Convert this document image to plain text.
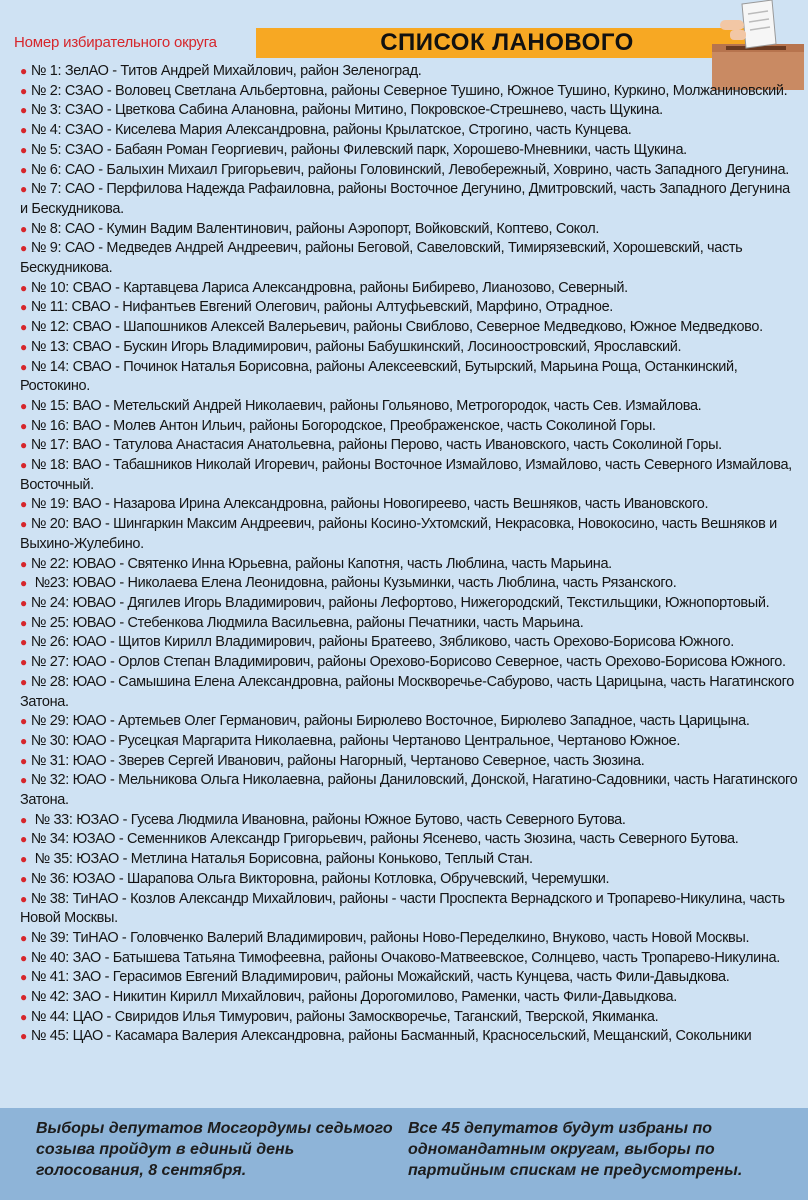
Номер избирательного округа	СПИСОК ЛАНОВОГО
● № 1: ЗелАО - Титов Андрей Михайлович, район Зеленоград.
● № 2: СЗАО - Воловец Светлана Альбертовна, районы Северное Тушино, Южное Тушино, Куркино, Молжаниновский.
● № 3: СЗАО - Цветкова Сабина Алановна, районы Митино, Покровское-Стрешнево, часть Щукина.
● № 4: СЗАО - Киселева Мария Александровна, районы Крылатское, Строгино, часть Кунцева.
● № 5: СЗАО - Бабаян Роман Георгиевич, районы Филевский парк, Хорошево-Мневники, часть Щукина.
● № 6: САО - Балыхин Михаил Григорьевич, районы Головинский, Левобережный, Ховрино, часть Западного Дегунина.
● № 7: САО - Перфилова Надежда Рафаиловна, районы Восточное Дегунино, Дмитровский, часть Западного Дегунина и Бескудникова.
● № 8: САО - Кумин Вадим Валентинович, районы Аэропорт, Войковский, Коптево, Сокол.
● № 9: САО - Медведев Андрей Андреевич, районы Беговой, Савеловский, Тимирязевский, Хорошевский, часть Бескудникова.
● № 10: СВАО - Картавцева Лариса Александровна, районы Бибирево, Лианозово, Северный.
● № 11: СВАО - Нифантьев Евгений Олегович, районы Алтуфьевский, Марфино, Отрадное.
● № 12: СВАО - Шапошников Алексей Валерьевич, районы Свиблово, Северное Медведково, Южное Медведково.
● № 13: СВАО - Бускин Игорь Владимирович, районы Бабушкинский, Лосиноостровский, Ярославский.
● № 14: СВАО - Починок Наталья Борисовна, районы Алексеевский, Бутырский, Марьина Роща, Останкинский, Ростокино.
● № 15: ВАО - Метельский Андрей Николаевич, районы Гольяново, Метрогородок, часть Сев. Измайлова.
● № 16: ВАО - Молев Антон Ильич, районы Богородское, Преображенское, часть Соколиной Горы.
● № 17: ВАО - Татулова Анастасия Анатольевна, районы Перово, часть Ивановского, часть Соколиной Горы.
● № 18: ВАО - Табашников Николай Игоревич, районы Восточное Измайлово, Измайлово, часть Северного Измайлова, Восточный.
● № 19: ВАО - Назарова Ирина Александровна, районы Новогиреево, часть Вешняков, часть Ивановского.
● № 20: ВАО - Шингаркин Максим Андреевич, районы Косино-Ухтомский, Некрасовка, Новокосино, часть Вешняков и Выхино-Жулебино.
● № 22: ЮВАО - Святенко Инна Юрьевна, районы Капотня, часть Люблина, часть Марьина.
● №23: ЮВАО - Николаева Елена Леонидовна, районы Кузьминки, часть Люблина, часть Рязанского.
● № 24: ЮВАО - Дягилев Игорь Владимирович, районы Лефортово, Нижегородский, Текстильщики, Южнопортовый.
● № 25: ЮВАО - Стебенкова Людмила Васильевна, районы Печатники, часть Марьина.
● № 26: ЮАО - Щитов Кирилл Владимирович, районы Братеево, Зябликово, часть Орехово-Борисова Южного.
● № 27: ЮАО - Орлов Степан Владимирович, районы Орехово-Борисово Северное, часть Орехово-Борисова Южного.
● № 28: ЮАО - Самышина Елена Александровна, районы Москворечье-Сабурово, часть Царицына, часть Нагатинского Затона.
● № 29: ЮАО - Артемьев Олег Германович, районы Бирюлево Восточное, Бирюлево Западное, часть Царицына.
● № 30: ЮАО - Русецкая Маргарита Николаевна, районы Чертаново Центральное, Чертаново Южное.
● № 31: ЮАО - Зверев Сергей Иванович, районы Нагорный, Чертаново Северное, часть Зюзина.
● № 32: ЮАО - Мельникова Ольга Николаевна, районы Даниловский, Донской, Нагатино-Садовники, часть Нагатинского Затона.
● № 33: ЮЗАО - Гусева Людмила Ивановна, районы Южное Бутово, часть Северного Бутова.
● № 34: ЮЗАО - Семенников Александр Григорьевич, районы Ясенево, часть Зюзина, часть Северного Бутова.
● № 35: ЮЗАО - Метлина Наталья Борисовна, районы Коньково, Теплый Стан.
● № 36: ЮЗАО - Шарапова Ольга Викторовна, районы Котловка, Обручевский, Черемушки.
● № 38: ТиНАО - Козлов Александр Михайлович, районы - части Проспекта Вернадского и Тропарево-Никулина, часть Новой Москвы.
● № 39: ТиНАО - Головченко Валерий Владимирович, районы Ново-Переделкино, Внуково, часть Новой Москвы.
● № 40: ЗАО - Батышева Татьяна Тимофеевна, районы Очаково-Матвеевское, Солнцево, часть Тропарево-Никулина.
● № 41: ЗАО - Герасимов Евгений Владимирович, районы Можайский, часть Кунцева, часть Фили-Давыдкова.
● № 42: ЗАО - Никитин Кирилл Михайлович, районы Дорогомилово, Раменки, часть Фили-Давыдкова.
● № 44: ЦАО - Свиридов Илья Тимурович, районы Замоскворечье, Таганский, Тверской, Якиманка.
● № 45: ЦАО - Касамара Валерия Александровна, районы Басманный, Красносельский, Мещанский, Сокольники
Выборы депутатов Мосгордумы седьмого созыва пройдут в единый день голосования, 8 сентября.
Все 45 депутатов будут избраны по одномандатным округам, выборы по партийным спискам не предусмотрены.
